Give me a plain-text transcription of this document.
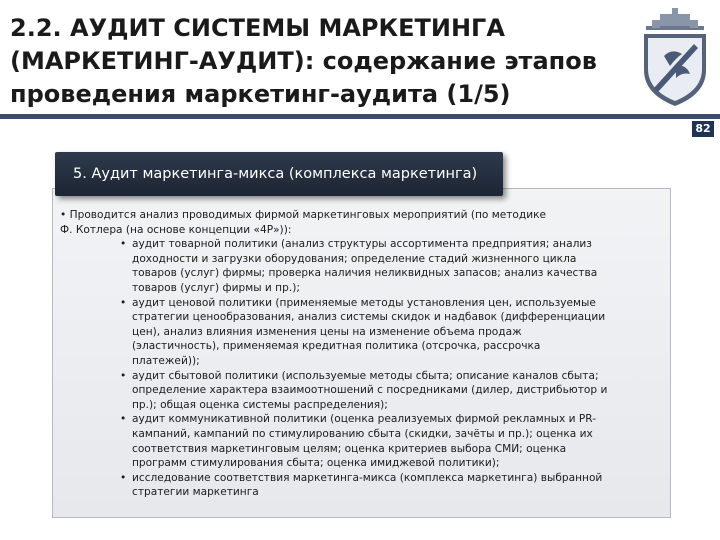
2.2. АУДИТ СИСТЕМЫ МАРКЕТИНГА
(МАРКЕТИНГ-АУДИТ): содержание этапов
проведения маркетинг-аудита (1/5)
82
5. Аудит маркетинга-микса (комплекса маркетинга)
• Проводится анализ проводимых фирмой маркетинговых мероприятий (по методике
Ф. Котлера (на основе концепции «4Р»)):
• аудит товарной политики (анализ структуры ассортимента предприятия; анализ
доходности и загрузки оборудования; определение стадий жизненного цикла
товаров (услуг) фирмы; проверка наличия неликвидных запасов; анализ качества
товаров (услуг) фирмы и пр.);
• аудит ценовой политики (применяемые методы установления цен, используемые
стратегии ценообразования, анализ системы скидок и надбавок (дифференциации
цен), анализ влияния изменения цены на изменение объема продаж
(эластичность), применяемая кредитная политика (отсрочка, рассрочка
платежей));
• аудит сбытовой политики (используемые методы сбыта; описание каналов сбыта;
определение характера взаимоотношений с посредниками (дилер, дистрибьютор и
пр.); общая оценка системы распределения);
• аудит коммуникативной политики (оценка реализуемых фирмой рекламных и PR-
кампаний, кампаний по стимулированию сбыта (скидки, зачёты и пр.); оценка их
соответствия маркетинговым целям; оценка критериев выбора СМИ; оценка
программ стимулирования сбыта; оценка имиджевой политики);
• исследование соответствия маркетинга-микса (комплекса маркетинга) выбранной
стратегии маркетинга
